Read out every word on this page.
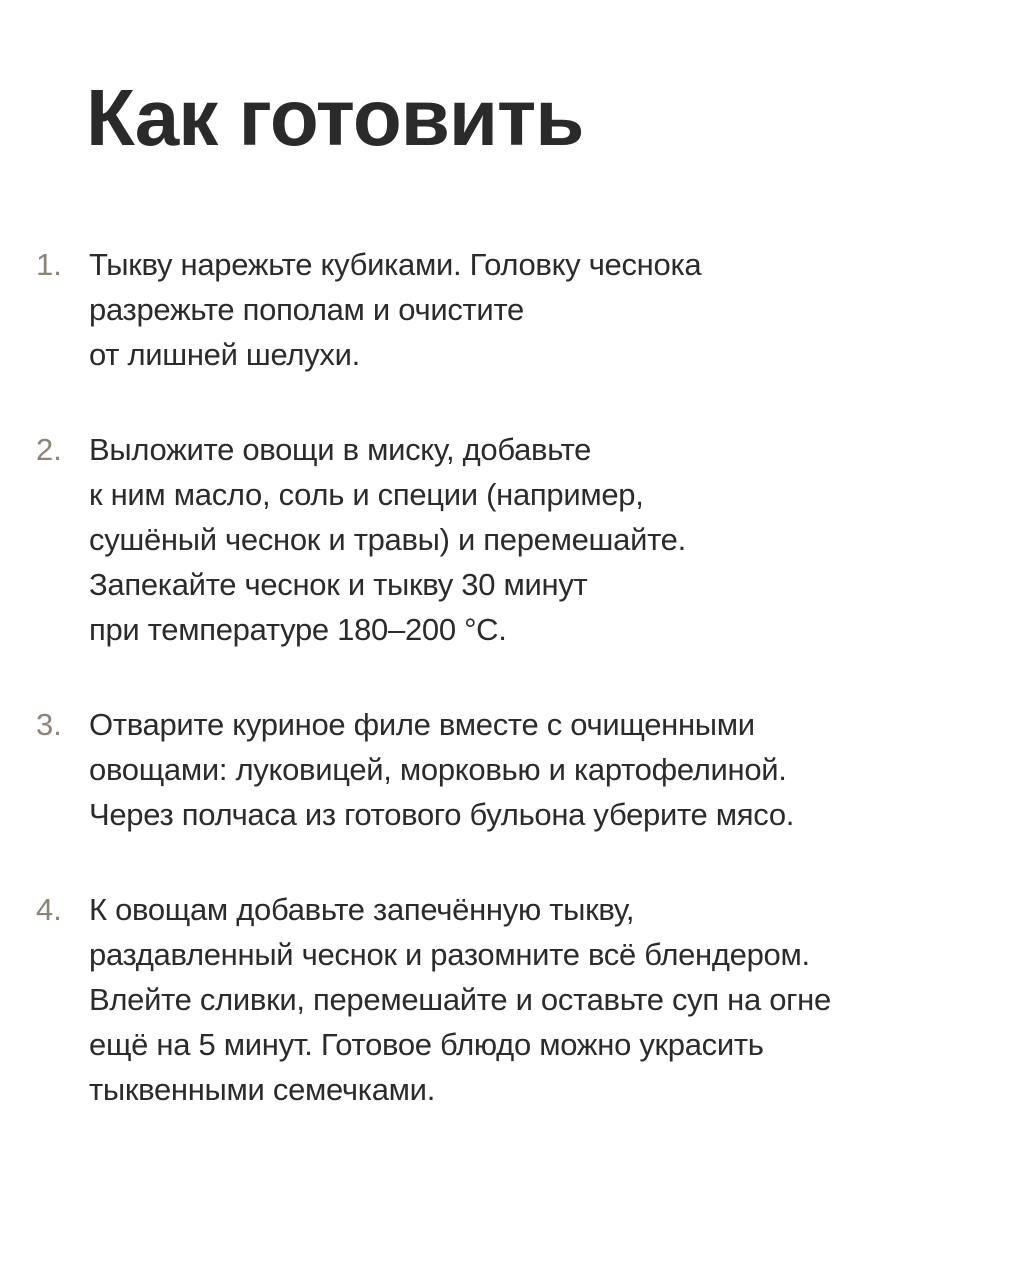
Как готовить
1. Тыкву нарежьте кубиками. Головку чеснока
разрежьте пополам и очистите
от лишней шелухи.
2. Выложите овощи в миску, добавьте
к ним масло, соль и специи (например,
сушёный чеснок и травы) и перемешайте.
Запекайте чеснок и тыкву 30 минут
при температуре 180–200 °C.
3. Отварите куриное филе вместе с очищенными
овощами: луковицей, морковью и картофелиной.
Через полчаса из готового бульона уберите мясо.
4. К овощам добавьте запечённую тыкву,
раздавленный чеснок и разомните всё блендером.
Влейте сливки, перемешайте и оставьте суп на огне
ещё на 5 минут. Готовое блюдо можно украсить
тыквенными семечками.
